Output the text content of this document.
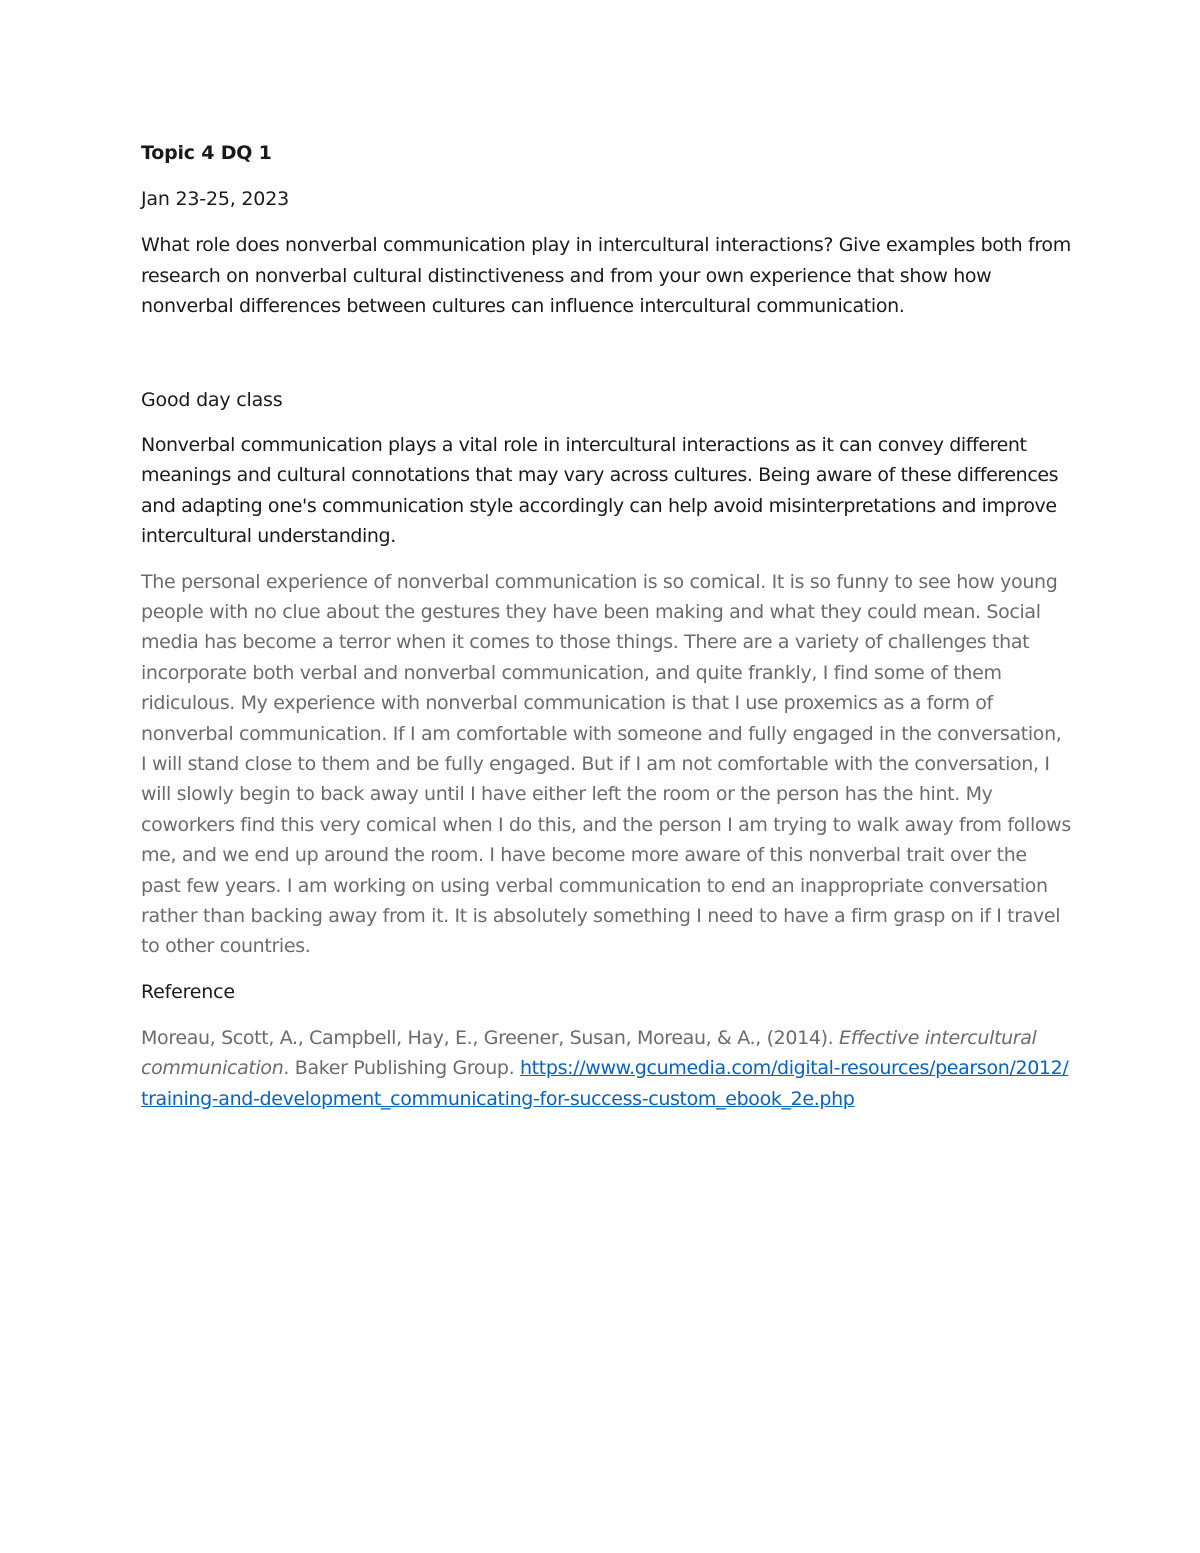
Topic 4 DQ 1

Jan 23-25, 2023

What role does nonverbal communication play in intercultural interactions? Give examples both from research on nonverbal cultural distinctiveness and from your own experience that show how nonverbal differences between cultures can influence intercultural communication.

Good day class

Nonverbal communication plays a vital role in intercultural interactions as it can convey different meanings and cultural connotations that may vary across cultures. Being aware of these differences and adapting one's communication style accordingly can help avoid misinterpretations and improve intercultural understanding.

The personal experience of nonverbal communication is so comical. It is so funny to see how young people with no clue about the gestures they have been making and what they could mean. Social media has become a terror when it comes to those things. There are a variety of challenges that incorporate both verbal and nonverbal communication, and quite frankly, I find some of them ridiculous. My experience with nonverbal communication is that I use proxemics as a form of nonverbal communication. If I am comfortable with someone and fully engaged in the conversation, I will stand close to them and be fully engaged. But if I am not comfortable with the conversation, I will slowly begin to back away until I have either left the room or the person has the hint. My coworkers find this very comical when I do this, and the person I am trying to walk away from follows me, and we end up around the room. I have become more aware of this nonverbal trait over the past few years. I am working on using verbal communication to end an inappropriate conversation rather than backing away from it. It is absolutely something I need to have a firm grasp on if I travel to other countries.

Reference

Moreau, Scott, A., Campbell, Hay, E., Greener, Susan, Moreau, & A., (2014). Effective intercultural communication. Baker Publishing Group. https://www.gcumedia.com/digital-resources/pearson/2012/training-and-development_communicating-for-success-custom_ebook_2e.php
